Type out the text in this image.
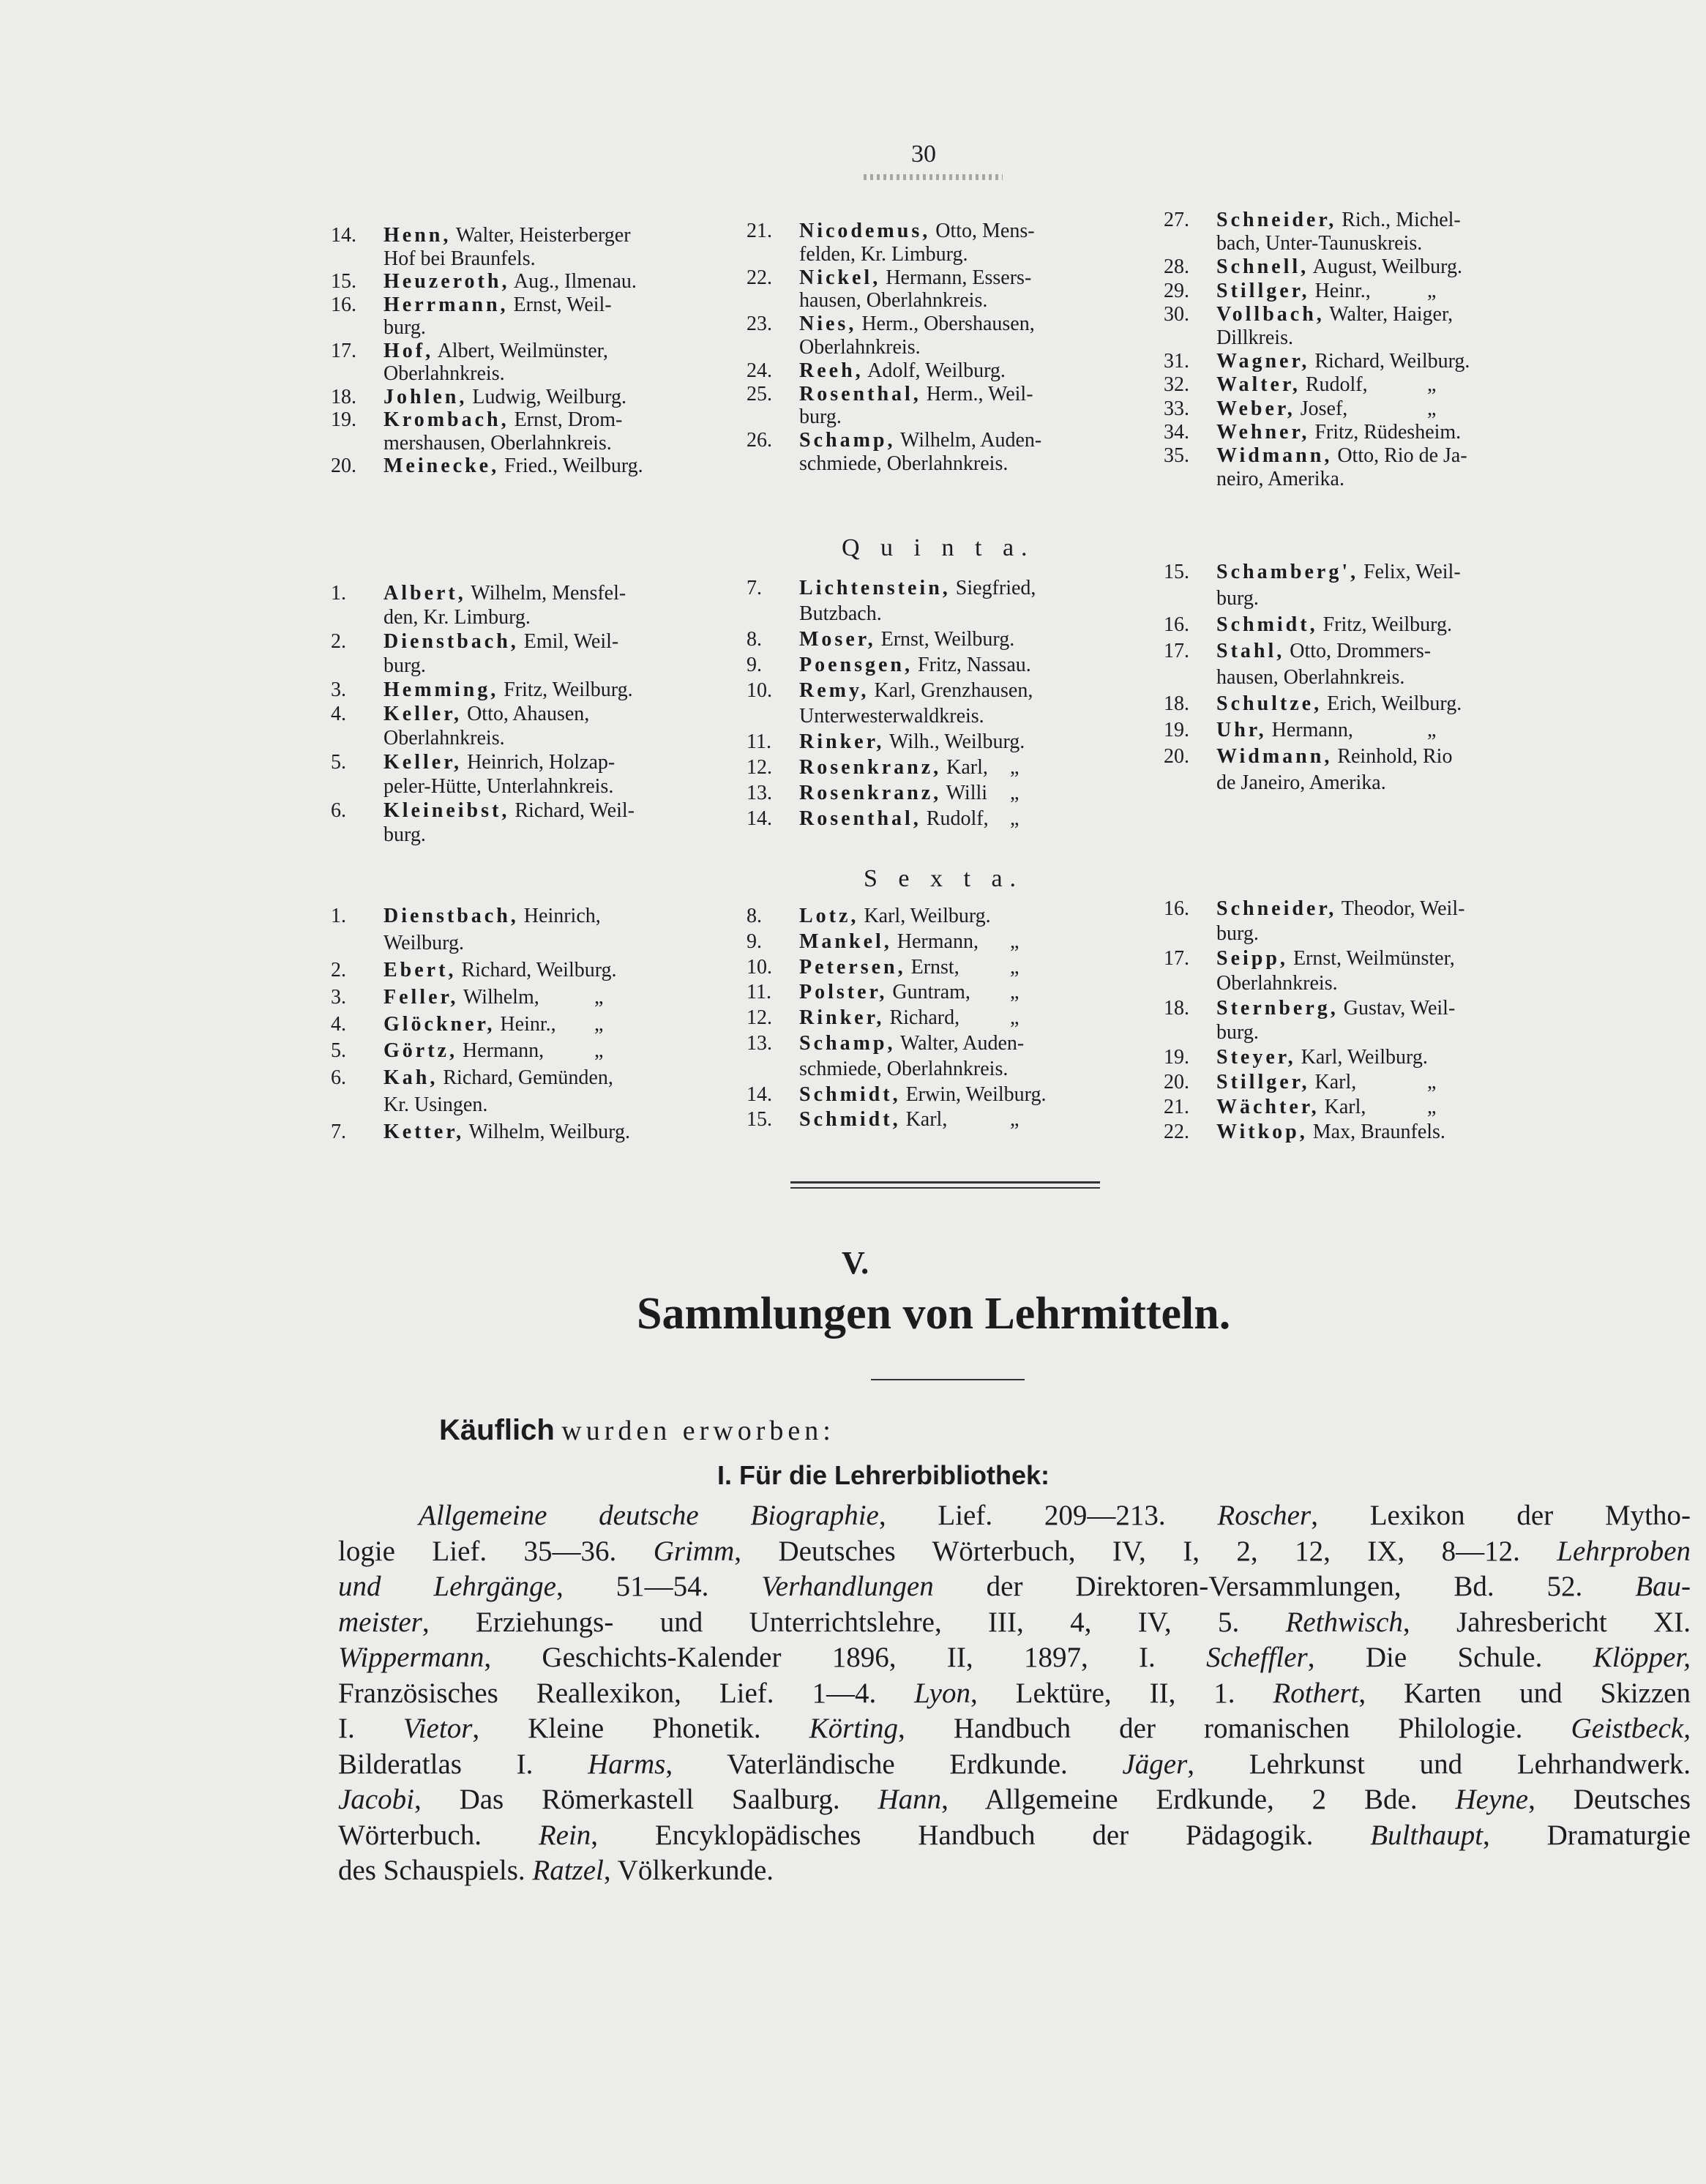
30
14.	Henn, Walter, Heisterberger
Hof bei Braunfels.
15.	Heuzeroth, Aug., Ilmenau.
16.	Herrmann, Ernst, Weil-
burg.
17.	Hof, Albert, Weilmünster,
Oberlahnkreis.
18.	Johlen, Ludwig, Weilburg.
19.	Krombach, Ernst, Drom-
mershausen, Oberlahnkreis.
20.	Meinecke, Fried., Weilburg.
21.	Nicodemus, Otto, Mens-
felden, Kr. Limburg.
22.	Nickel, Hermann, Essers-
hausen, Oberlahnkreis.
23.	Nies, Herm., Obershausen,
Oberlahnkreis.
24.	Reeh, Adolf, Weilburg.
25.	Rosenthal, Herm., Weil-
burg.
26.	Schamp, Wilhelm, Auden-
schmiede, Oberlahnkreis.
27.	Schneider, Rich., Michel-
bach, Unter-Taunuskreis.
28.	Schnell, August, Weilburg.
29.	Stillger, Heinr.,	„
30.	Vollbach, Walter, Haiger,
Dillkreis.
31.	Wagner, Richard, Weilburg.
32.	Walter, Rudolf,	„
33.	Weber, Josef,	„
34.	Wehner, Fritz, Rüdesheim.
35.	Widmann, Otto, Rio de Ja-
neiro, Amerika.
Q u i n t a.
1.	Albert, Wilhelm, Mensfel-
den, Kr. Limburg.
2.	Dienstbach, Emil, Weil-
burg.
3.	Hemming, Fritz, Weilburg.
4.	Keller, Otto, Ahausen,
Oberlahnkreis.
5.	Keller, Heinrich, Holzap-
peler-Hütte, Unterlahnkreis.
6.	Kleineibst, Richard, Weil-
burg.
7.	Lichtenstein, Siegfried,
Butzbach.
8.	Moser, Ernst, Weilburg.
9.	Poensgen, Fritz, Nassau.
10.	Remy, Karl, Grenzhausen,
Unterwesterwaldkreis.
11.	Rinker, Wilh., Weilburg.
12.	Rosenkranz, Karl, „
13.	Rosenkranz, Willi „
14.	Rosenthal, Rudolf, „
15.	Schamberg', Felix, Weil-
burg.
16.	Schmidt, Fritz, Weilburg.
17.	Stahl, Otto, Drommers-
hausen, Oberlahnkreis.
18.	Schultze, Erich, Weilburg.
19.	Uhr, Hermann,	„
20.	Widmann, Reinhold, Rio
de Janeiro, Amerika.
S e x t a.
1.	Dienstbach, Heinrich,
Weilburg.
2.	Ebert, Richard, Weilburg.
3.	Feller, Wilhelm,	„
4.	Glöckner, Heinr., „
5.	Görtz, Hermann, „
6.	Kah, Richard, Gemünden,
Kr. Usingen.
7.	Ketter, Wilhelm, Weilburg.
8.	Lotz, Karl, Weilburg.
9.	Mankel, Hermann, „
10.	Petersen, Ernst, „
11.	Polster, Guntram, „
12.	Rinker, Richard, „
13.	Schamp, Walter, Auden-
schmiede, Oberlahnkreis.
14.	Schmidt, Erwin, Weilburg.
15.	Schmidt, Karl,	„
16.	Schneider, Theodor, Weil-
burg.
17.	Seipp, Ernst, Weilmünster,
Oberlahnkreis.
18.	Sternberg, Gustav, Weil-
burg.
19.	Steyer, Karl, Weilburg.
20.	Stillger, Karl,	„
21.	Wächter, Karl,	„
22.	Witkop, Max, Braunfels.
V.
Sammlungen von Lehrmitteln.
Käuflich wurden erworben:
I. Für die Lehrerbibliothek:
Allgemeine deutsche Biographie, Lief. 209—213. Roscher, Lexikon der Mytho-
logie Lief. 35—36. Grimm, Deutsches Wörterbuch, IV, I, 2, 12, IX, 8—12. Lehrproben
und Lehrgänge, 51—54. Verhandlungen der Direktoren-Versammlungen, Bd. 52. Bau-
meister, Erziehungs- und Unterrichtslehre, III, 4, IV, 5. Rethwisch, Jahresbericht XI.
Wippermann, Geschichts-Kalender 1896, II, 1897, I. Scheffler, Die Schule. Klöpper,
Französisches Reallexikon, Lief. 1—4. Lyon, Lektüre, II, 1. Rothert, Karten und Skizzen
I. Vietor, Kleine Phonetik. Körting, Handbuch der romanischen Philologie. Geistbeck,
Bilderatlas I. Harms, Vaterländische Erdkunde. Jäger, Lehrkunst und Lehrhandwerk.
Jacobi, Das Römerkastell Saalburg. Hann, Allgemeine Erdkunde, 2 Bde. Heyne, Deutsches
Wörterbuch. Rein, Encyklopädisches Handbuch der Pädagogik. Bulthaupt, Dramaturgie
des Schauspiels. Ratzel, Völkerkunde.
